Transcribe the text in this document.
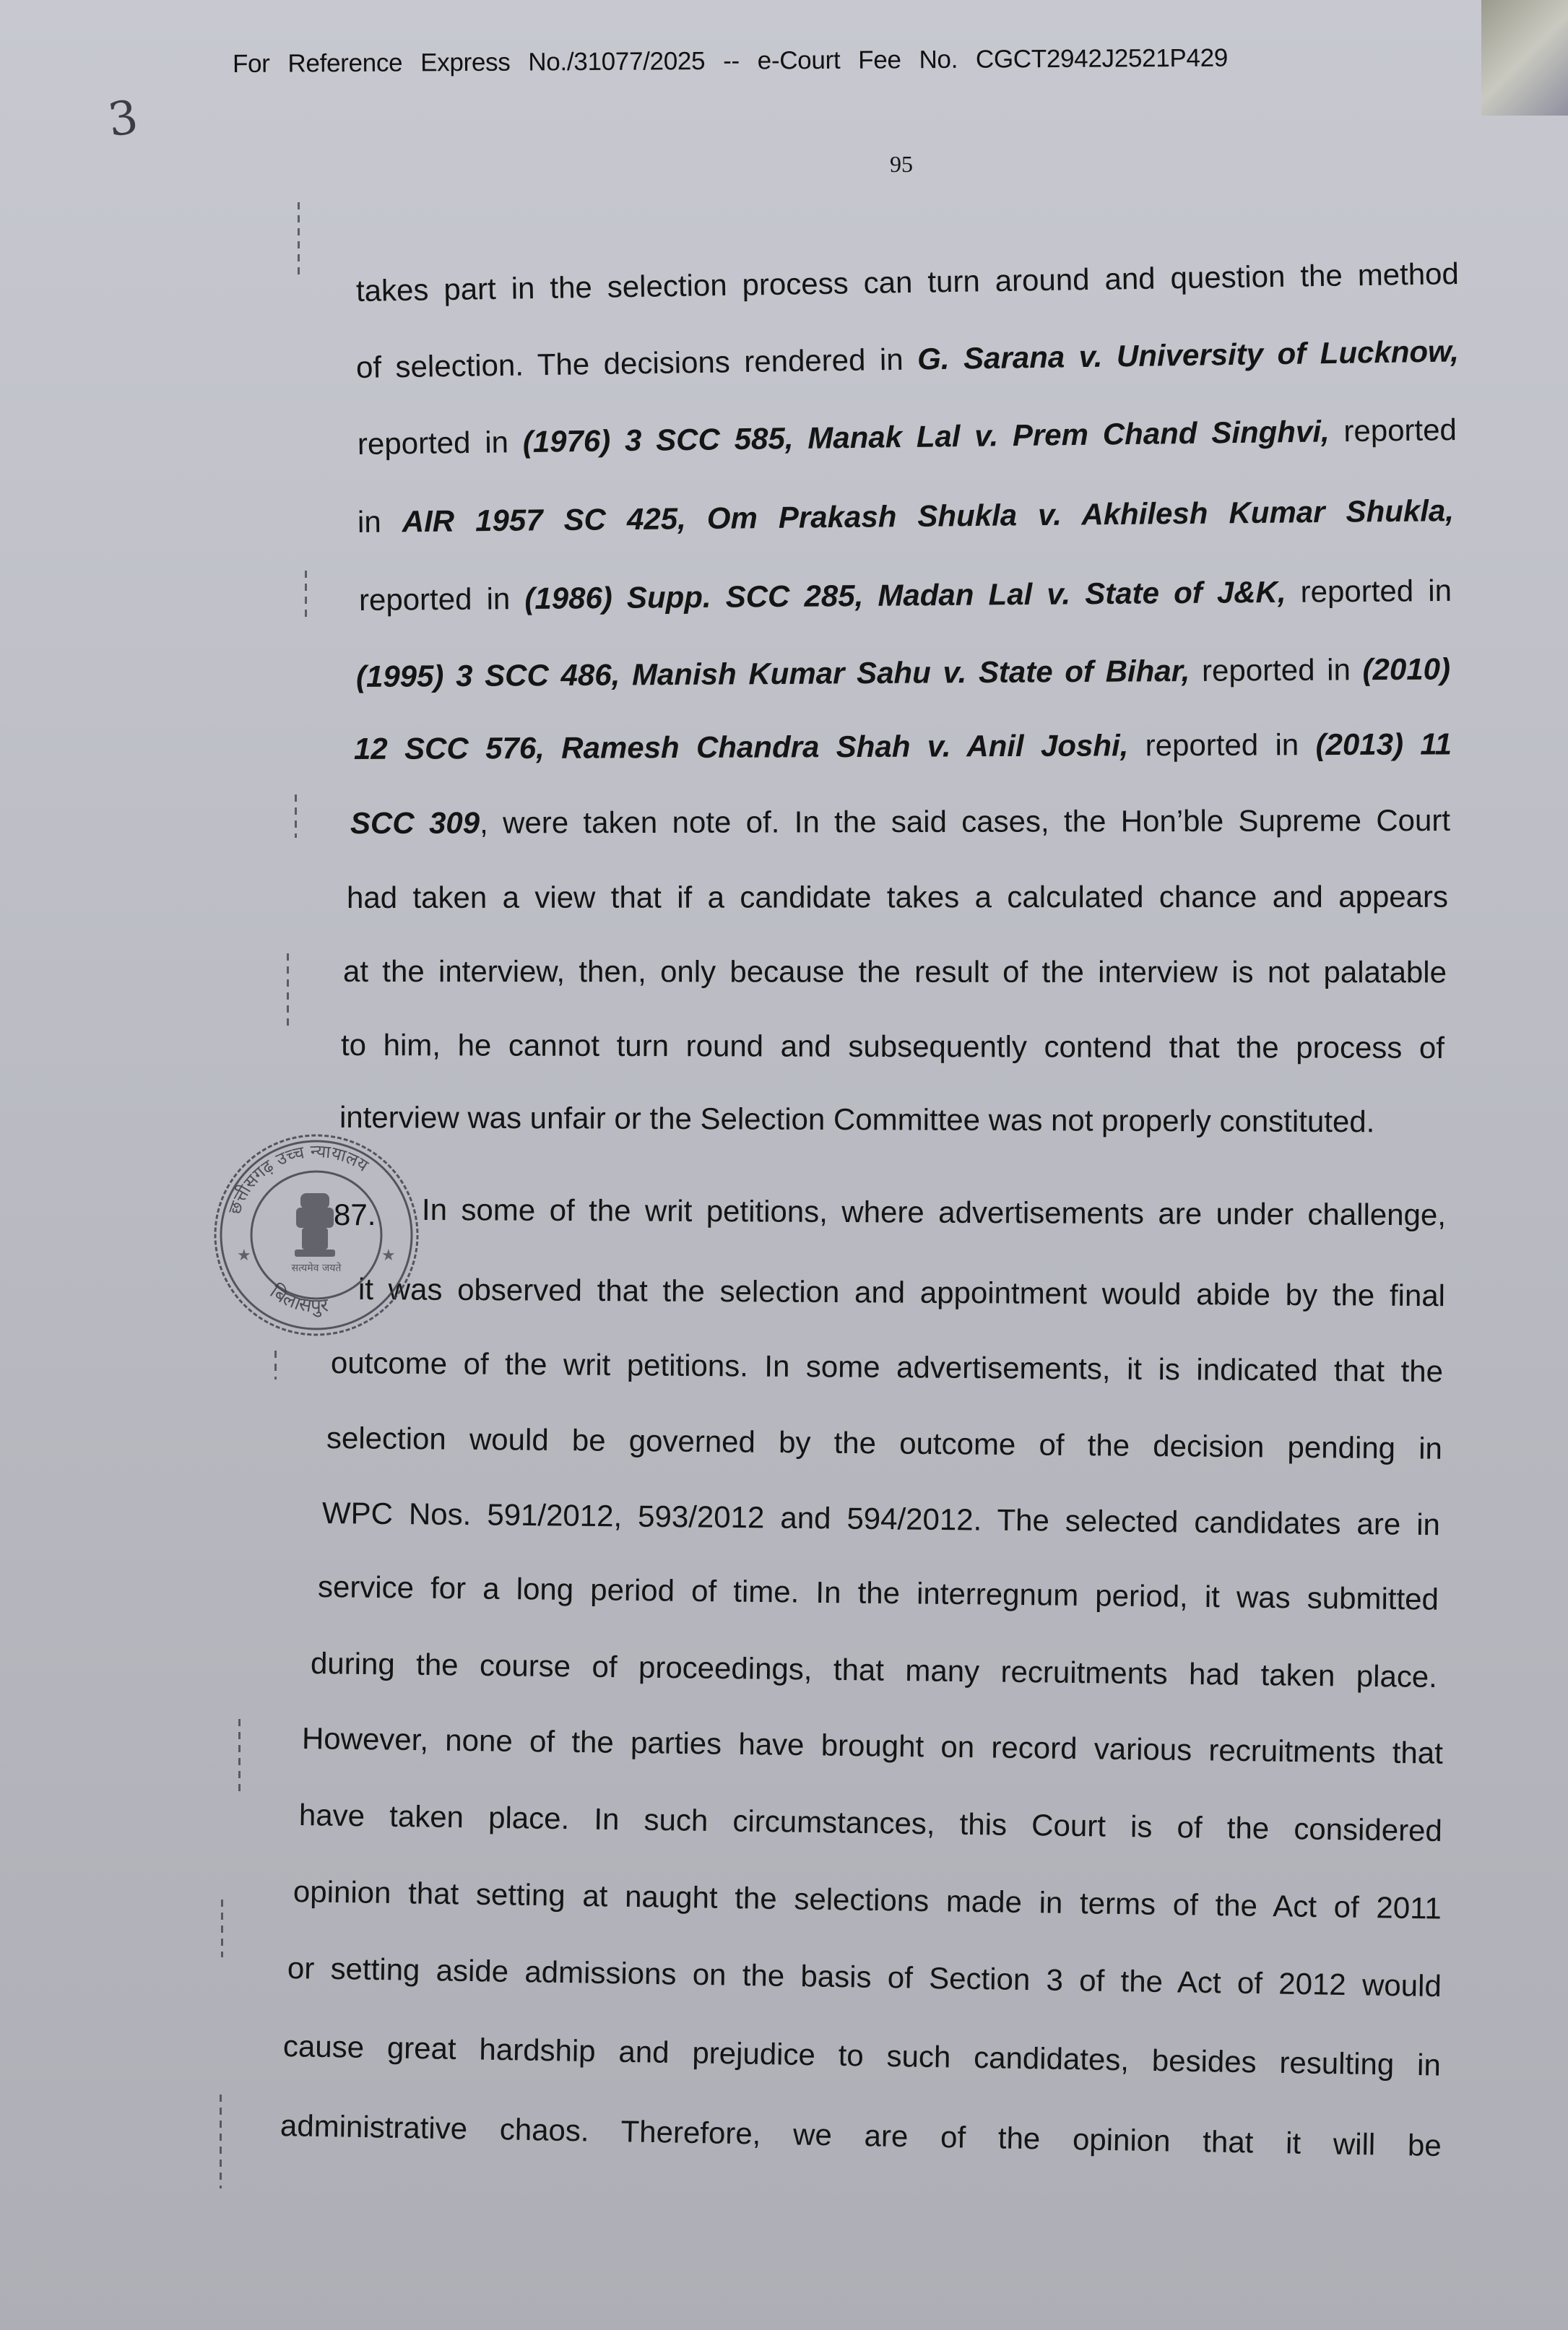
3
For Reference Express No./31077/2025 -- e-Court Fee No. CGCT2942J2521P429
95
takes part in the selection process can turn around and question the method
of selection. The decisions rendered in G. Sarana v. University of Lucknow,
reported in (1976) 3 SCC 585, Manak Lal v. Prem Chand Singhvi, reported
in AIR 1957 SC 425, Om Prakash Shukla v. Akhilesh Kumar Shukla,
reported in (1986) Supp. SCC 285, Madan Lal v. State of J&K, reported in
(1995) 3 SCC 486, Manish Kumar Sahu v. State of Bihar, reported in (2010)
12 SCC 576, Ramesh Chandra Shah v. Anil Joshi, reported in (2013) 11
SCC 309, were taken note of. In the said cases, the Hon’ble Supreme Court
had taken a view that if a candidate takes a calculated chance and appears
at the interview, then, only because the result of the interview is not palatable
to him, he cannot turn round and subsequently contend that the process of
interview was unfair or the Selection Committee was not properly constituted.
In some of the writ petitions, where advertisements are under challenge,
it was observed that the selection and appointment would abide by the final
outcome of the writ petitions. In some advertisements, it is indicated that the
selection would be governed by the outcome of the decision pending in
WPC Nos. 591/2012, 593/2012 and 594/2012. The selected candidates are in
service for a long period of time. In the interregnum period, it was submitted
during the course of proceedings, that many recruitments had taken place.
However, none of the parties have brought on record various recruitments that
have taken place. In such circumstances, this Court is of the considered
opinion that setting at naught the selections made in terms of the Act of 2011
or setting aside admissions on the basis of Section 3 of the Act of 2012 would
cause great hardship and prejudice to such candidates, besides resulting in
administrative chaos. Therefore, we are of the opinion that it will be
छत्तीसगढ़ उच्च न्यायालय
बिलासपुर
सत्यमेव जयते
★	★
87.
